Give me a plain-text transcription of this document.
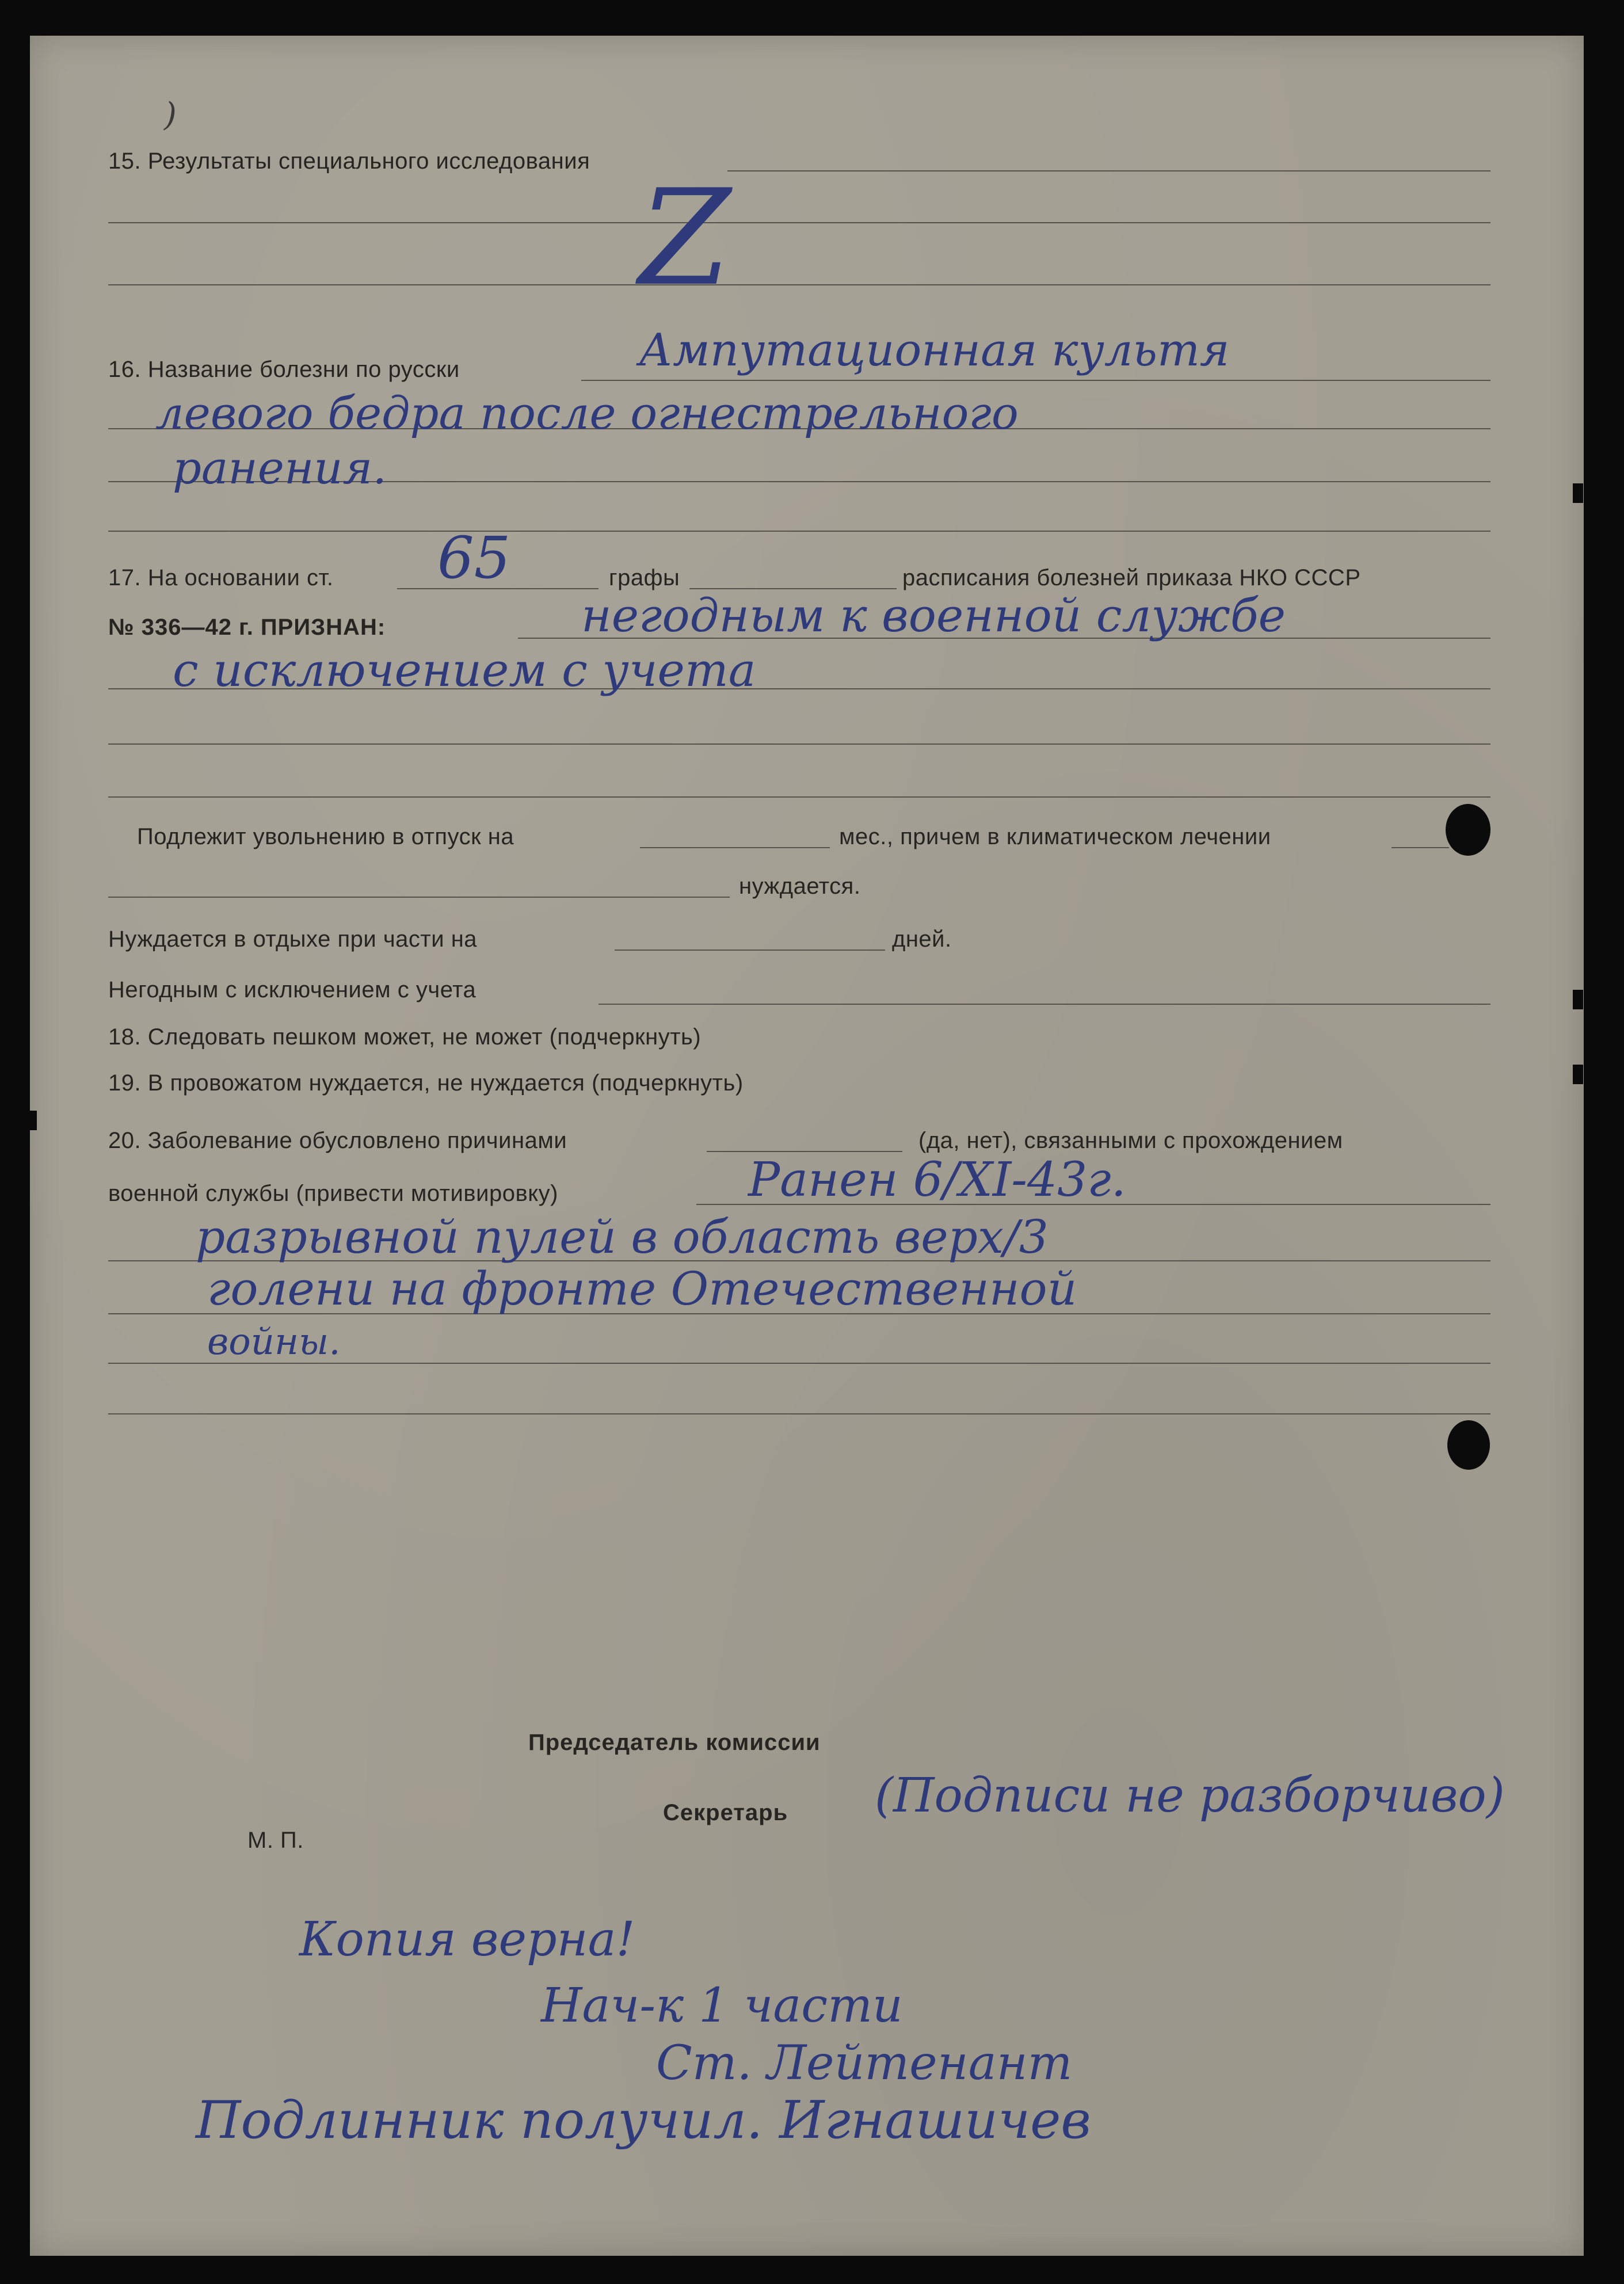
)
15. Результаты специального исследования
Z
16. Название болезни по русски	Ампутационная культя
левого бедра после огнестрельного
ранения.
17. На основании ст. 65	графы	расписания болезней приказа НКО СССР
№ 336—42 г. ПРИЗНАН:	негодным к военной службе
с исключением с учета
Подлежит увольнению в отпуск на	мес., причем в климатическом лечении
нуждается.
Нуждается в отдыхе при части на	дней.
Негодным с исключением с учета
18. Следовать пешком может, не может (подчеркнуть)
19. В провожатом нуждается, не нуждается (подчеркнуть)
20. Заболевание обусловлено причинами	(да, нет), связанными с прохождением
военной службы (привести мотивировку)	Ранен 6/XI-43г.
разрывной пулей в область верх/3
голени на фронте Отечественной
войны.
Председатель комиссии
Секретарь
М. П.
(Подписи не разборчиво)
Копия верна!
Нач-к 1 части
Ст. Лейтенант
Подлинник получил. Игнашичев
